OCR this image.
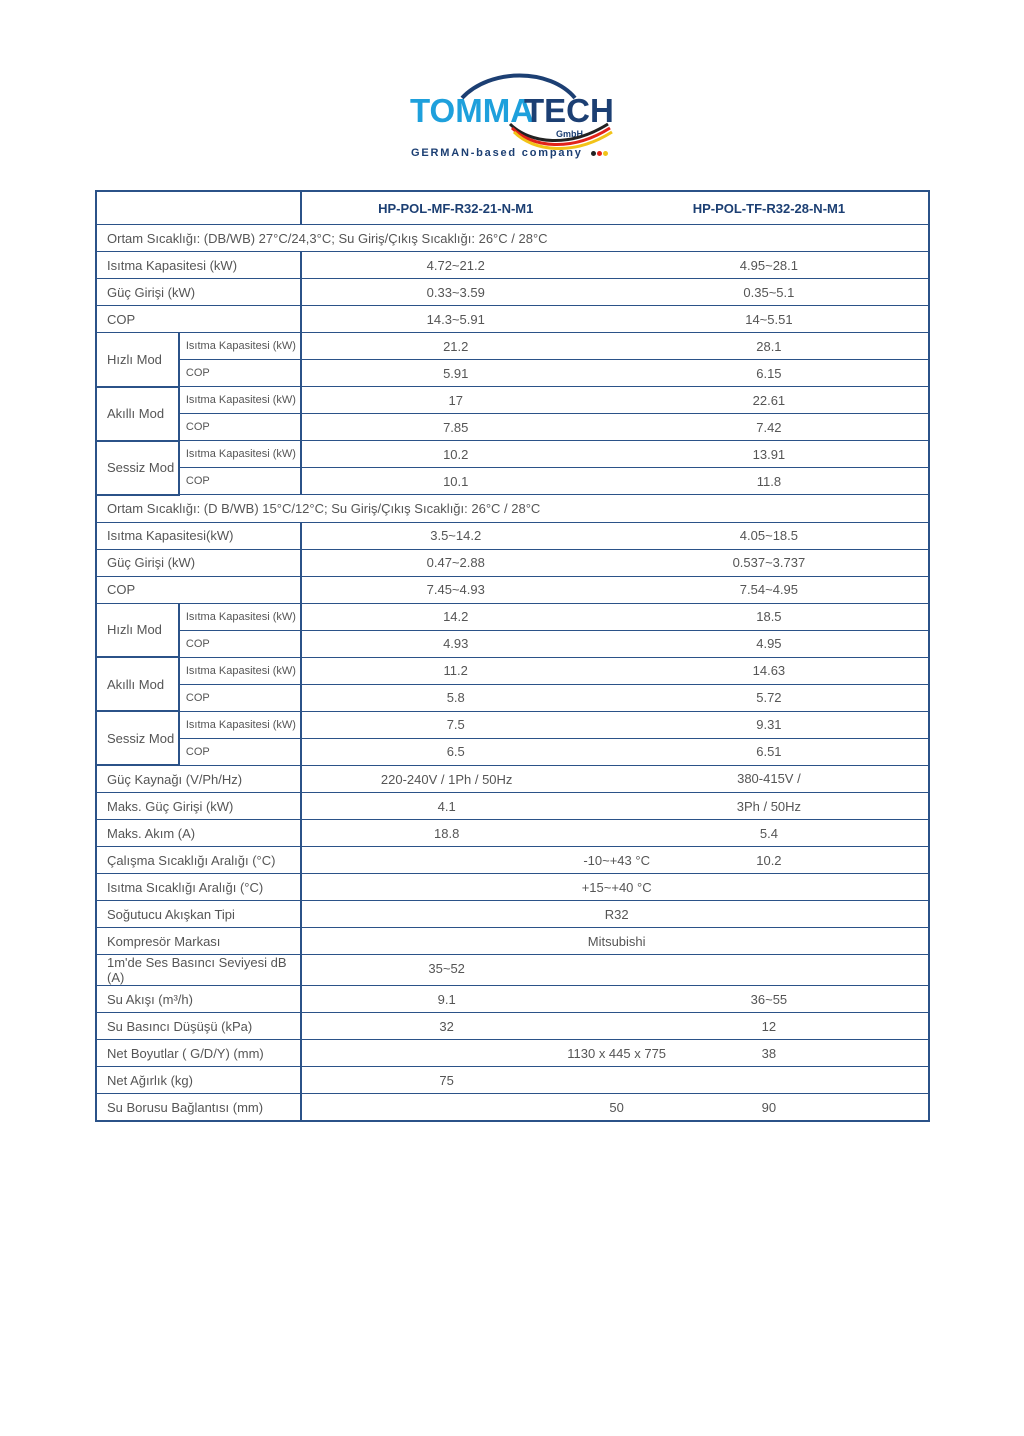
TOMMA
TECH
GmbH
GERMAN-based company
		HP-POL-MF-R32-21-N-M1	HP-POL-TF-R32-28-N-M1
Ortam Sıcaklığı: (DB/WB) 27°C/24,3°C; Su Giriş/Çıkış Sıcaklığı: 26°C / 28°C			
Isıtma Kapasitesi (kW)		4.72~21.2	4.95~28.1
Güç Girişi (kW)		0.33~3.59	0.35~5.1
COP		14.3~5.91	14~5.51
Hızlı Mod	Isıtma Kapasitesi (kW)	21.2	28.1
	COP	5.91	6.15
Akıllı Mod	Isıtma Kapasitesi (kW)	17	22.61
	COP	7.85	7.42
Sessiz Mod	Isıtma Kapasitesi (kW)	10.2	13.91
	COP	10.1	11.8
Ortam Sıcaklığı: (D B/WB) 15°C/12°C; Su Giriş/Çıkış Sıcaklığı: 26°C / 28°C			
Isıtma Kapasitesi(kW)		3.5~14.2	4.05~18.5
Güç Girişi (kW)		0.47~2.88	0.537~3.737
COP		7.45~4.93	7.54~4.95
Hızlı Mod	Isıtma Kapasitesi (kW)	14.2	18.5
	COP	4.93	4.95
Akıllı Mod	Isıtma Kapasitesi (kW)	11.2	14.63
	COP	5.8	5.72
Sessiz Mod	Isıtma Kapasitesi (kW)	7.5	9.31
	COP	6.5	6.51
Güç Kaynağı (V/Ph/Hz)		220-240V / 1Ph / 50Hz	380-415V /
Maks. Güç Girişi (kW)		4.1	3Ph / 50Hz
Maks. Akım (A)		18.8	5.4
Çalışma Sıcaklığı Aralığı (°C)		-10~+43 °C	10.2
Isıtma Sıcaklığı Aralığı (°C)		+15~+40 °C	

Soğutucu Akışkan Tipi		R32	

Kompresör Markası		Mitsubishi	

1m'de Ses Basıncı Seviyesi dB (A)		35~52	

Su Akışı (m³/h)		9.1	36~55
Su Basıncı Düşüşü (kPa)		32	12
Net Boyutlar ( G/D/Y) (mm)		1130 x 445 x 775	38
Net Ağırlık (kg)		75	

Su Borusu Bağlantısı (mm)		50	90
